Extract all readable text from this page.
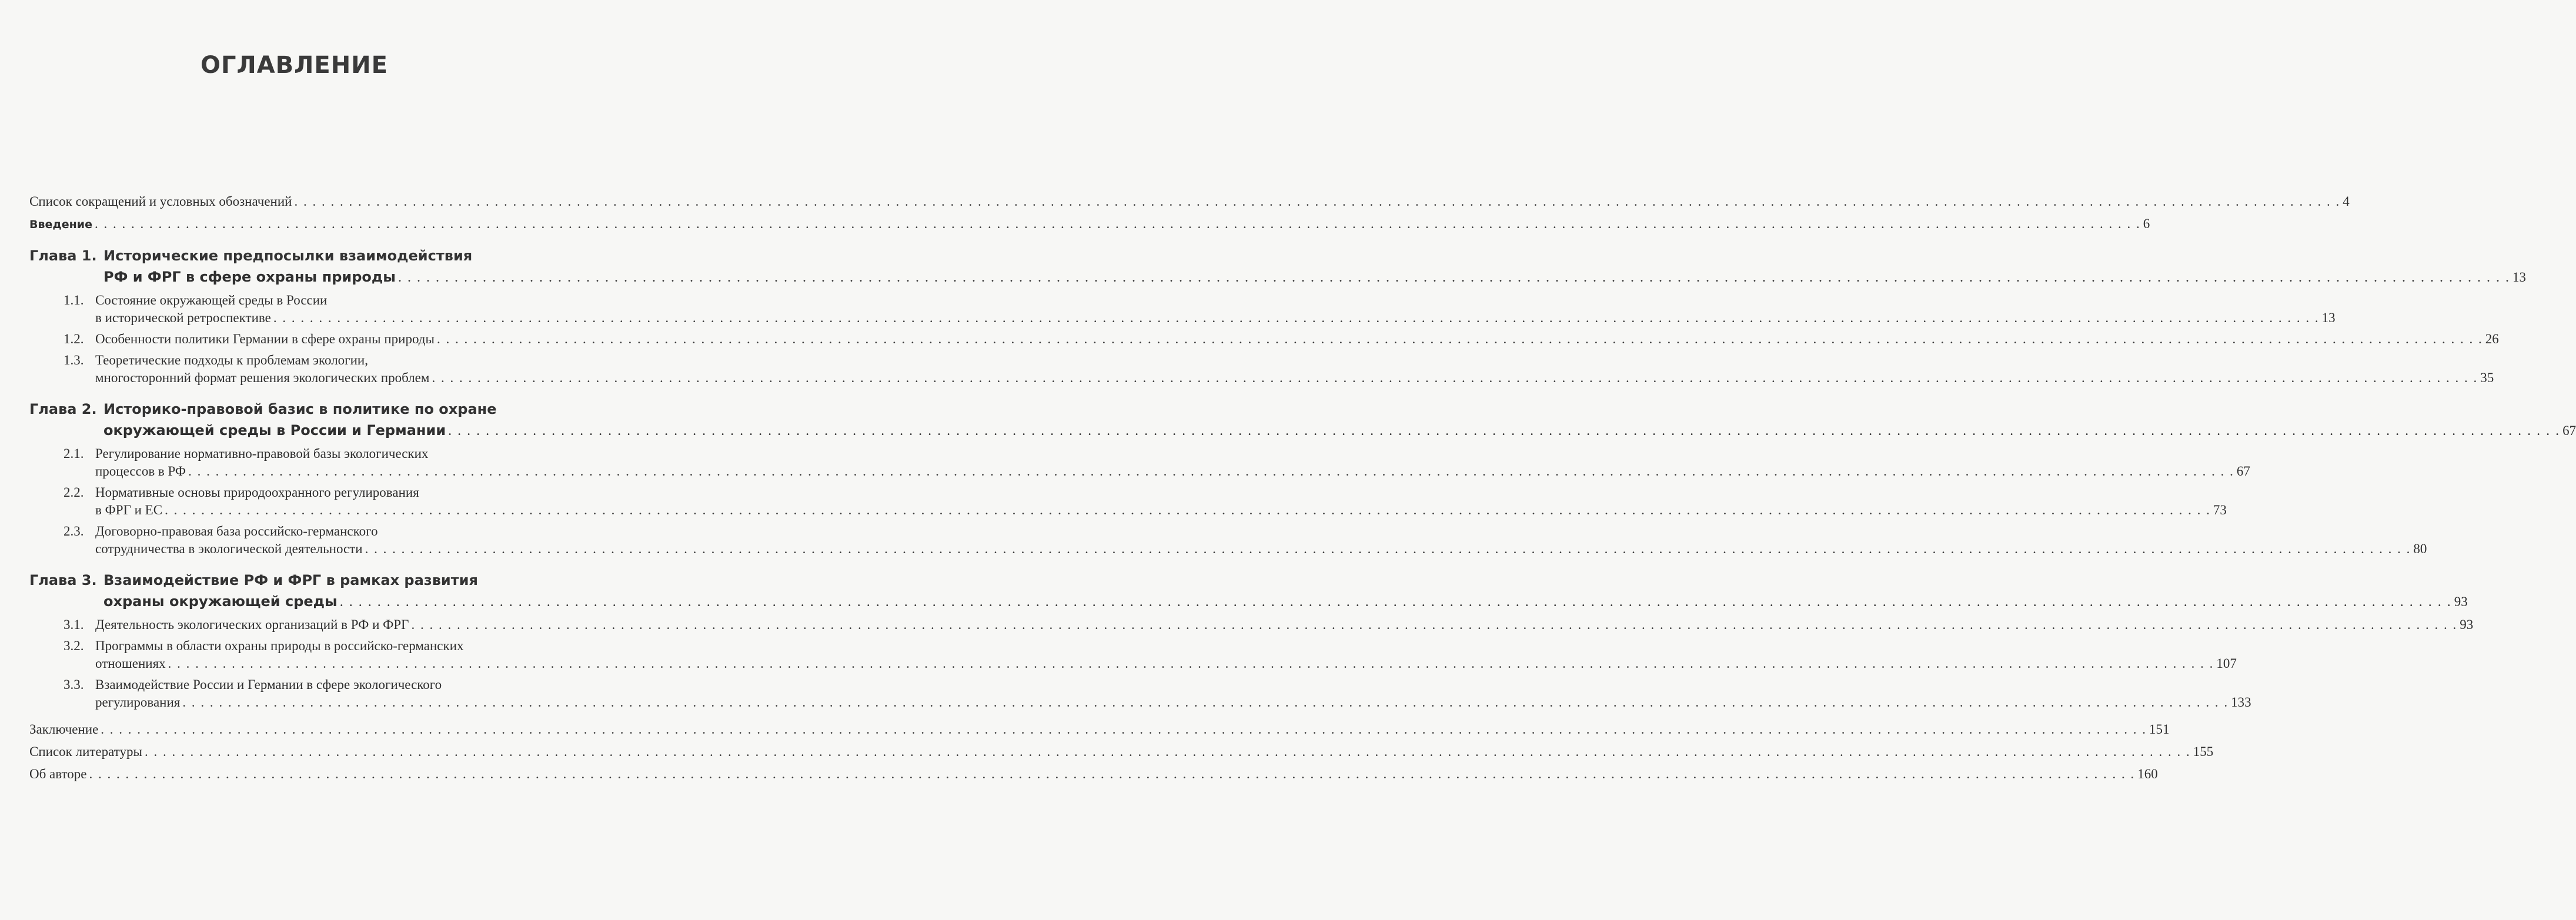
ОГЛАВЛЕНИЕ
Список сокращений и условных обозначений . . .	4
Введение . . .	6
Глава 1. Исторические предпосылки взаимодействия
РФ и ФРГ в сфере охраны природы . . .	13
1.1. Состояние окружающей среды в России
в исторической ретроспективе . . .	13
1.2. Особенности политики Германии в сфере охраны природы . . .	26
1.3. Теоретические подходы к проблемам экологии,
многосторонний формат решения экологических проблем . . .	35
Глава 2. Историко-правовой базис в политике по охране
окружающей среды в России и Германии . . .	67
2.1. Регулирование нормативно-правовой базы экологических
процессов в РФ . . .	67
2.2. Нормативные основы природоохранного регулирования
в ФРГ и ЕС . . .	73
2.3. Договорно-правовая база российско-германского
сотрудничества в экологической деятельности . . .	80
Глава 3. Взаимодействие РФ и ФРГ в рамках развития
охраны окружающей среды . . .	93
3.1. Деятельность экологических организаций в РФ и ФРГ . . .	93
3.2. Программы в области охраны природы в российско-германских
отношениях . . .	107
3.3. Взаимодействие России и Германии в сфере экологического
регулирования . . .	133
Заключение . . .	151
Список литературы . . .	155
Об авторе . . .	160
